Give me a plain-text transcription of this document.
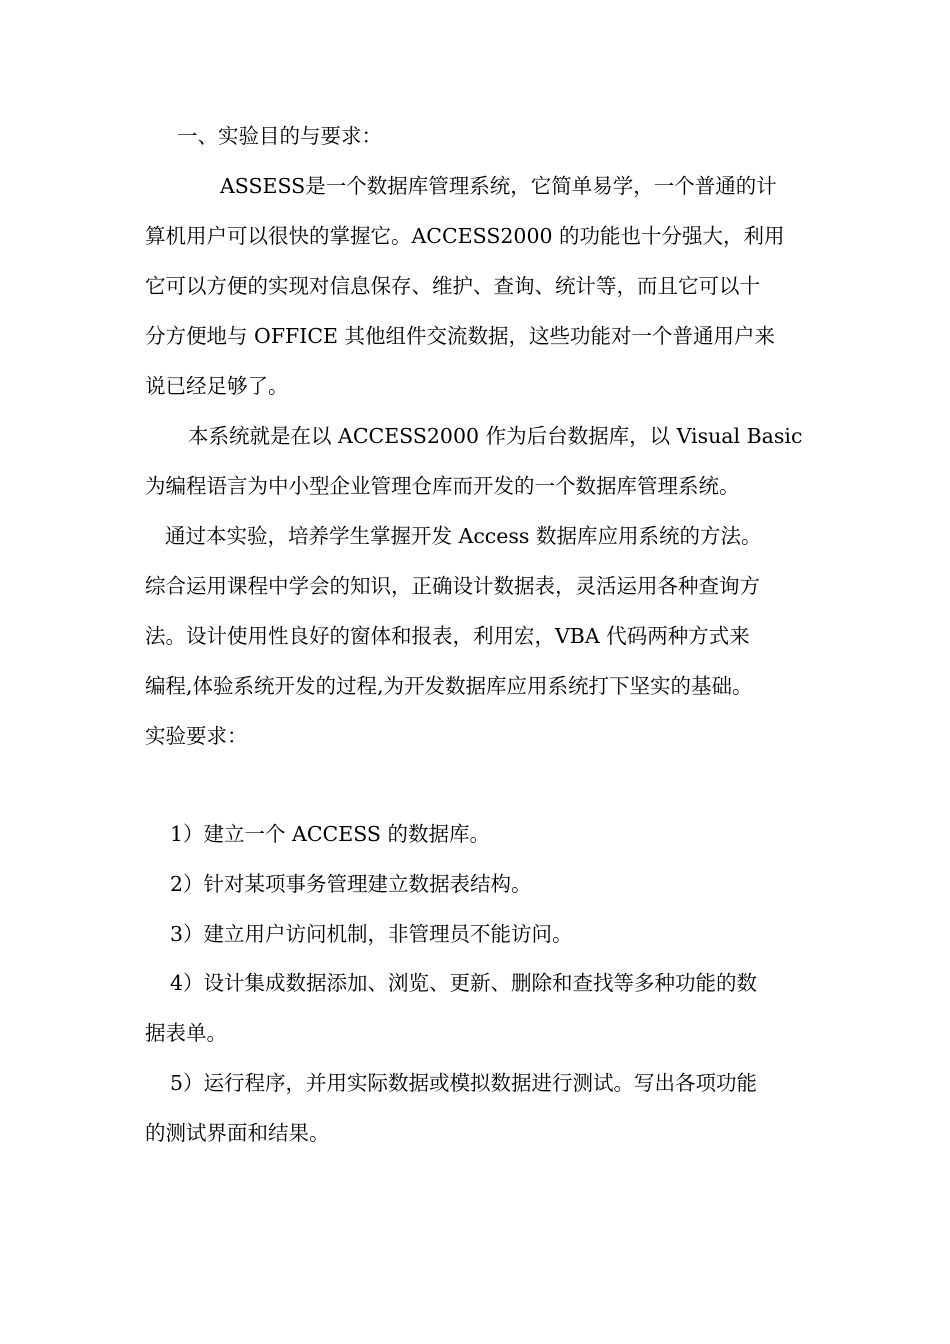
一、实验目的与要求：
ASSESS是一个数据库管理系统，它简单易学，一个普通的计
算机用户可以很快的掌握它。ACCESS2000 的功能也十分强大，利用
它可以方便的实现对信息保存、维护、查询、统计等，而且它可以十
分方便地与 OFFICE 其他组件交流数据，这些功能对一个普通用户来
说已经足够了。
本系统就是在以 ACCESS2000 作为后台数据库，以 Visual Basic
为编程语言为中小型企业管理仓库而开发的一个数据库管理系统。
通过本实验，培养学生掌握开发 Access 数据库应用系统的方法。
综合运用课程中学会的知识，正确设计数据表，灵活运用各种查询方
法。设计使用性良好的窗体和报表，利用宏，VBA 代码两种方式来
编程,体验系统开发的过程,为开发数据库应用系统打下坚实的基础。
实验要求：
1）建立一个 ACCESS 的数据库。
2）针对某项事务管理建立数据表结构。
3）建立用户访问机制，非管理员不能访问。
4）设计集成数据添加、浏览、更新、删除和查找等多种功能的数
据表单。
5）运行程序，并用实际数据或模拟数据进行测试。写出各项功能
的测试界面和结果。
